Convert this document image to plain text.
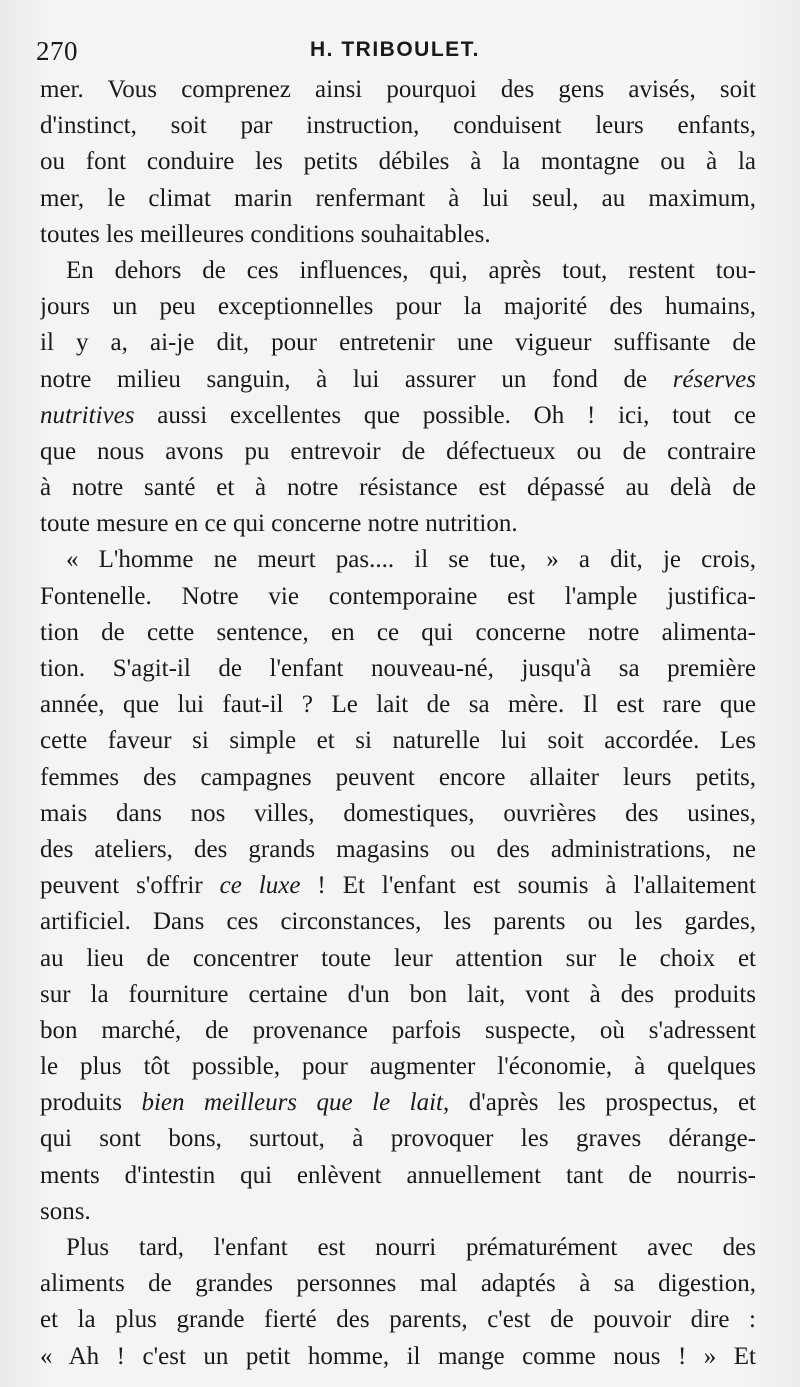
270	H. TRIBOULET.
mer. Vous comprenez ainsi pourquoi des gens avisés, soit
d'instinct, soit par instruction, conduisent leurs enfants,
ou font conduire les petits débiles à la montagne ou à la
mer, le climat marin renfermant à lui seul, au maximum,
toutes les meilleures conditions souhaitables.
En dehors de ces influences, qui, après tout, restent tou-
jours un peu exceptionnelles pour la majorité des humains,
il y a, ai-je dit, pour entretenir une vigueur suffisante de
notre milieu sanguin, à lui assurer un fond de réserves
nutritives aussi excellentes que possible. Oh ! ici, tout ce
que nous avons pu entrevoir de défectueux ou de contraire
à notre santé et à notre résistance est dépassé au delà de
toute mesure en ce qui concerne notre nutrition.
« L'homme ne meurt pas.... il se tue, » a dit, je crois,
Fontenelle. Notre vie contemporaine est l'ample justifica-
tion de cette sentence, en ce qui concerne notre alimenta-
tion. S'agit-il de l'enfant nouveau-né, jusqu'à sa première
année, que lui faut-il ? Le lait de sa mère. Il est rare que
cette faveur si simple et si naturelle lui soit accordée. Les
femmes des campagnes peuvent encore allaiter leurs petits,
mais dans nos villes, domestiques, ouvrières des usines,
des ateliers, des grands magasins ou des administrations, ne
peuvent s'offrir ce luxe ! Et l'enfant est soumis à l'allaitement
artificiel. Dans ces circonstances, les parents ou les gardes,
au lieu de concentrer toute leur attention sur le choix et
sur la fourniture certaine d'un bon lait, vont à des produits
bon marché, de provenance parfois suspecte, où s'adressent
le plus tôt possible, pour augmenter l'économie, à quelques
produits bien meilleurs que le lait, d'après les prospectus, et
qui sont bons, surtout, à provoquer les graves dérange-
ments d'intestin qui enlèvent annuellement tant de nourris-
sons.
Plus tard, l'enfant est nourri prématurément avec des
aliments de grandes personnes mal adaptés à sa digestion,
et la plus grande fierté des parents, c'est de pouvoir dire :
« Ah ! c'est un petit homme, il mange comme nous ! » Et
